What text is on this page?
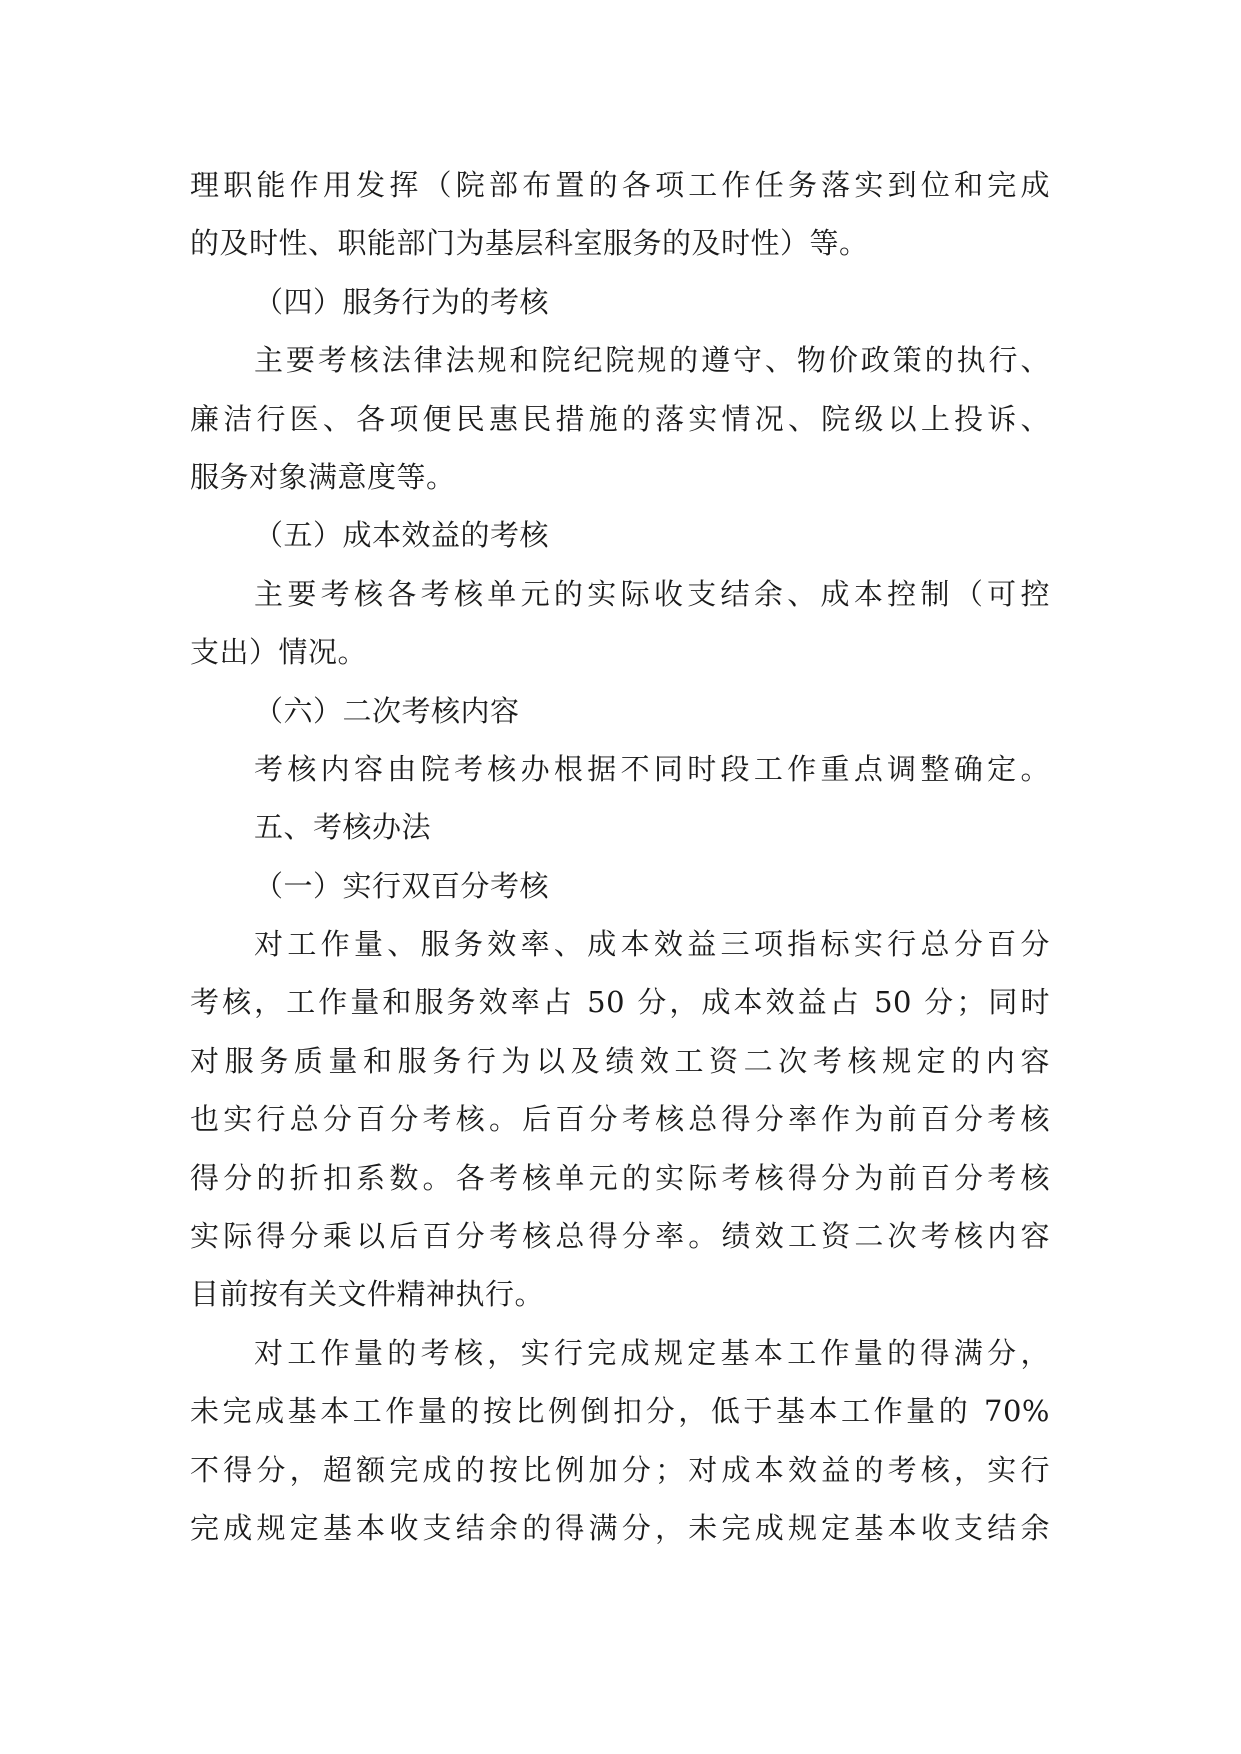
理职能作用发挥（院部布置的各项工作任务落实到位和完成
的及时性、职能部门为基层科室服务的及时性）等。
（四）服务行为的考核
主要考核法律法规和院纪院规的遵守、物价政策的执行、
廉洁行医、各项便民惠民措施的落实情况、院级以上投诉、
服务对象满意度等。
（五）成本效益的考核
主要考核各考核单元的实际收支结余、成本控制（可控
支出）情况。
（六）二次考核内容
考核内容由院考核办根据不同时段工作重点调整确定。
五、考核办法
（一）实行双百分考核
对工作量、服务效率、成本效益三项指标实行总分百分
考核，工作量和服务效率占 50 分，成本效益占 50 分；同时
对服务质量和服务行为以及绩效工资二次考核规定的内容
也实行总分百分考核。后百分考核总得分率作为前百分考核
得分的折扣系数。各考核单元的实际考核得分为前百分考核
实际得分乘以后百分考核总得分率。绩效工资二次考核内容
目前按有关文件精神执行。
对工作量的考核，实行完成规定基本工作量的得满分，
未完成基本工作量的按比例倒扣分，低于基本工作量的 70%
不得分，超额完成的按比例加分；对成本效益的考核，实行
完成规定基本收支结余的得满分，未完成规定基本收支结余
